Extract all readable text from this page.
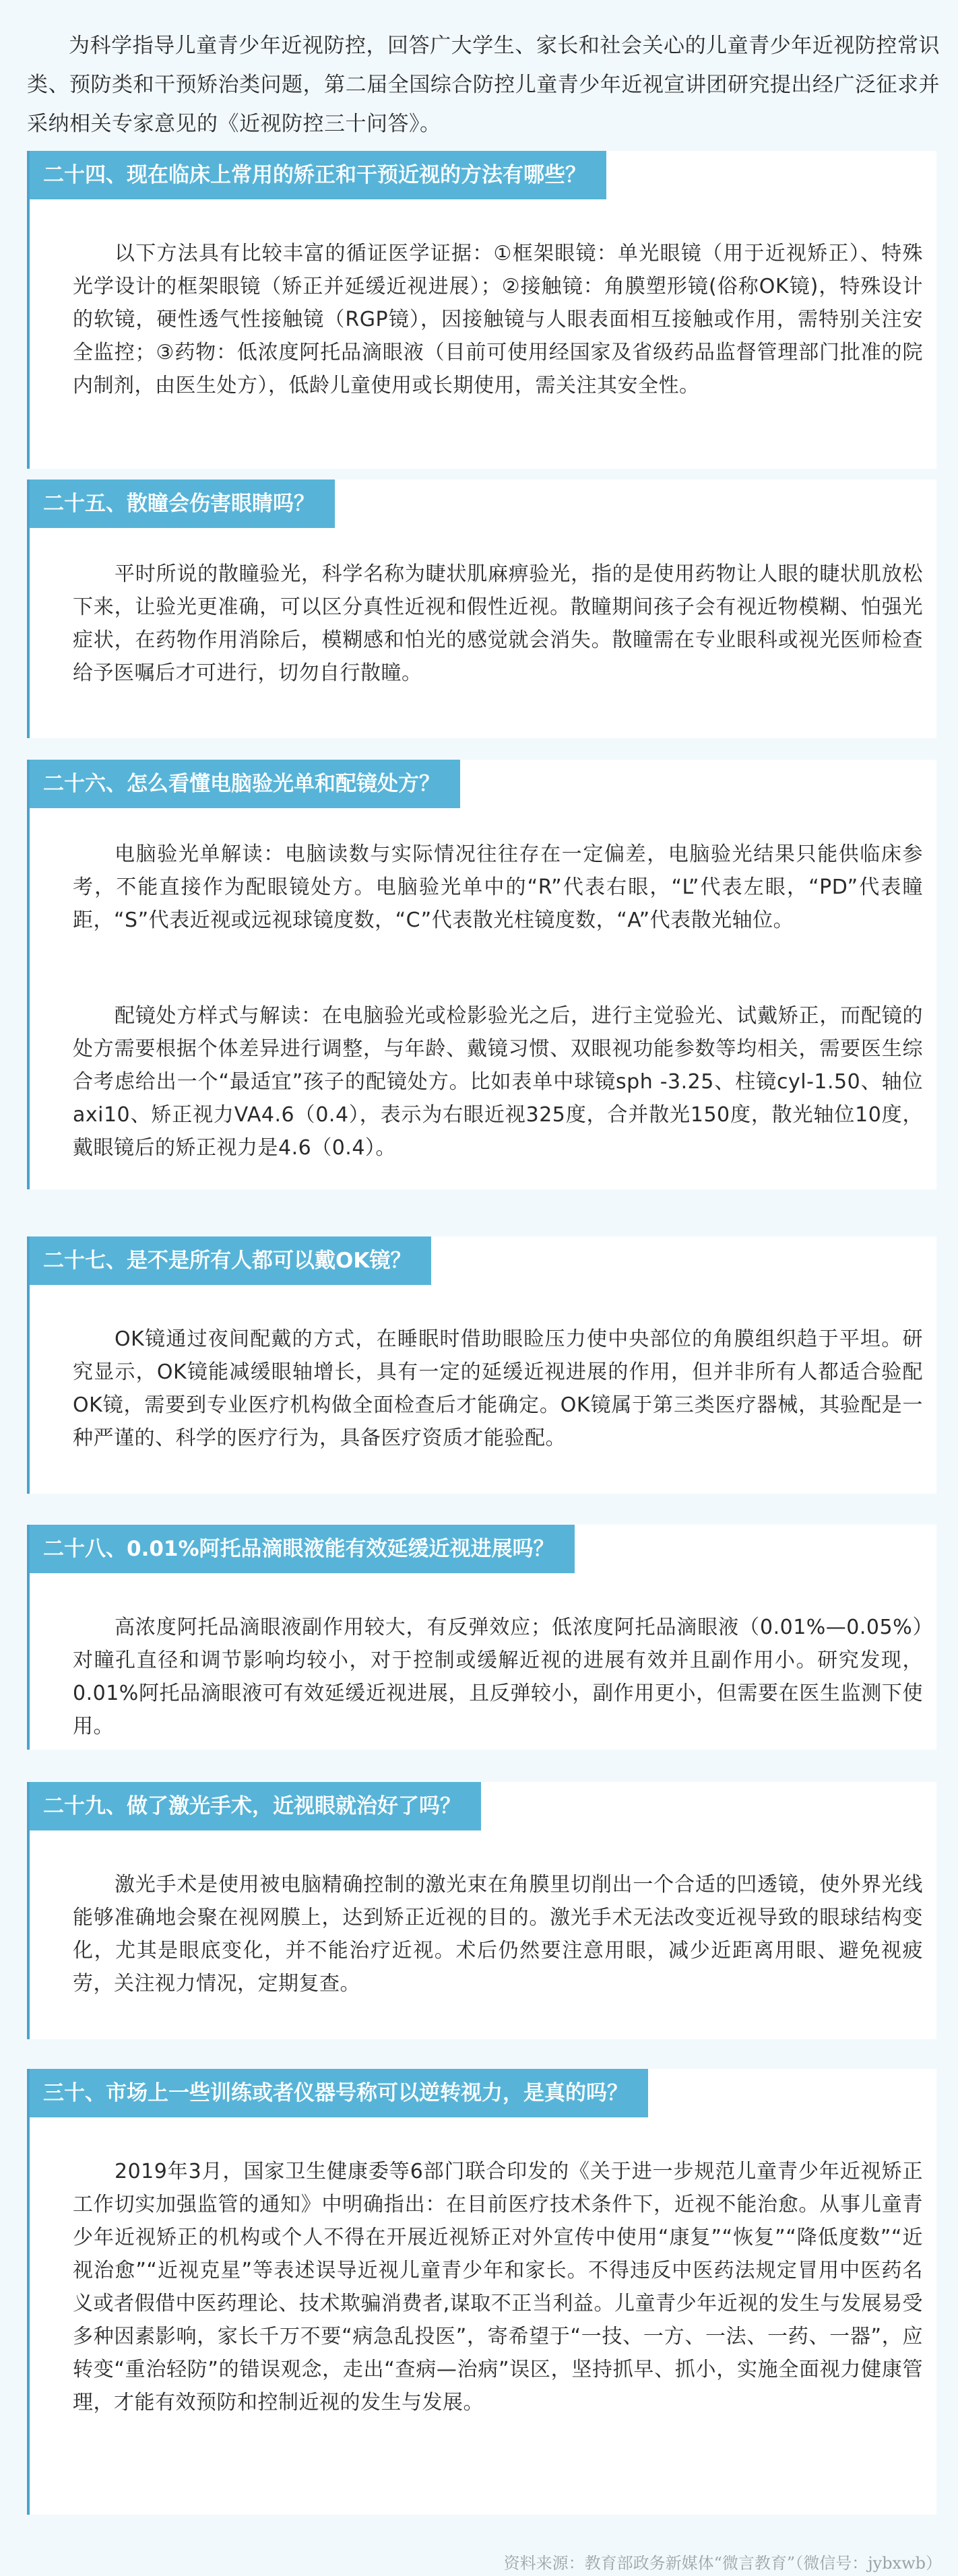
为科学指导儿童青少年近视防控，回答广大学生、家长和社会关心的儿童青少年近视防控常识类、预防类和干预矫治类问题，第二届全国综合防控儿童青少年近视宣讲团研究提出经广泛征求并采纳相关专家意见的《近视防控三十问答》。

二十四、现在临床上常用的矫正和干预近视的方法有哪些？

以下方法具有比较丰富的循证医学证据：①框架眼镜：单光眼镜（用于近视矫正）、特殊光学设计的框架眼镜（矫正并延缓近视进展）；②接触镜：角膜塑形镜(俗称OK镜)，特殊设计的软镜，硬性透气性接触镜（RGP镜），因接触镜与人眼表面相互接触或作用，需特别关注安全监控；③药物：低浓度阿托品滴眼液（目前可使用经国家及省级药品监督管理部门批准的院内制剂，由医生处方），低龄儿童使用或长期使用，需关注其安全性。

二十五、散瞳会伤害眼睛吗？

平时所说的散瞳验光，科学名称为睫状肌麻痹验光，指的是使用药物让人眼的睫状肌放松下来，让验光更准确，可以区分真性近视和假性近视。散瞳期间孩子会有视近物模糊、怕强光症状，在药物作用消除后，模糊感和怕光的感觉就会消失。散瞳需在专业眼科或视光医师检查给予医嘱后才可进行，切勿自行散瞳。

二十六、怎么看懂电脑验光单和配镜处方？

电脑验光单解读：电脑读数与实际情况往往存在一定偏差，电脑验光结果只能供临床参考，不能直接作为配眼镜处方。电脑验光单中的“R”代表右眼，“L”代表左眼，“PD”代表瞳距，“S”代表近视或远视球镜度数，“C”代表散光柱镜度数，“A”代表散光轴位。

配镜处方样式与解读：在电脑验光或检影验光之后，进行主觉验光、试戴矫正，而配镜的处方需要根据个体差异进行调整，与年龄、戴镜习惯、双眼视功能参数等均相关，需要医生综合考虑给出一个“最适宜”孩子的配镜处方。比如表单中球镜sph -3.25、柱镜cyl-1.50、轴位axi10、矫正视力VA4.6（0.4），表示为右眼近视325度，合并散光150度，散光轴位10度，戴眼镜后的矫正视力是4.6（0.4）。

二十七、是不是所有人都可以戴OK镜？

OK镜通过夜间配戴的方式，在睡眠时借助眼睑压力使中央部位的角膜组织趋于平坦。研究显示，OK镜能减缓眼轴增长，具有一定的延缓近视进展的作用，但并非所有人都适合验配OK镜，需要到专业医疗机构做全面检查后才能确定。OK镜属于第三类医疗器械，其验配是一种严谨的、科学的医疗行为，具备医疗资质才能验配。

二十八、0.01%阿托品滴眼液能有效延缓近视进展吗？

高浓度阿托品滴眼液副作用较大，有反弹效应；低浓度阿托品滴眼液（0.01%—0.05%）对瞳孔直径和调节影响均较小，对于控制或缓解近视的进展有效并且副作用小。研究发现，0.01%阿托品滴眼液可有效延缓近视进展，且反弹较小，副作用更小，但需要在医生监测下使用。

二十九、做了激光手术，近视眼就治好了吗？

激光手术是使用被电脑精确控制的激光束在角膜里切削出一个合适的凹透镜，使外界光线能够准确地会聚在视网膜上，达到矫正近视的目的。激光手术无法改变近视导致的眼球结构变化，尤其是眼底变化，并不能治疗近视。术后仍然要注意用眼，减少近距离用眼、避免视疲劳，关注视力情况，定期复查。

三十、市场上一些训练或者仪器号称可以逆转视力，是真的吗？

2019年3月，国家卫生健康委等6部门联合印发的《关于进一步规范儿童青少年近视矫正工作切实加强监管的通知》中明确指出：在目前医疗技术条件下，近视不能治愈。从事儿童青少年近视矫正的机构或个人不得在开展近视矫正对外宣传中使用“康复”“恢复”“降低度数”“近视治愈”“近视克星”等表述误导近视儿童青少年和家长。不得违反中医药法规定冒用中医药名义或者假借中医药理论、技术欺骗消费者,谋取不正当利益。儿童青少年近视的发生与发展易受多种因素影响，家长千万不要“病急乱投医”，寄希望于“一技、一方、一法、一药、一器”，应转变“重治轻防”的错误观念，走出“查病—治病”误区，坚持抓早、抓小，实施全面视力健康管理，才能有效预防和控制近视的发生与发展。

资料来源：教育部政务新媒体“微言教育”（微信号：jybxwb）
